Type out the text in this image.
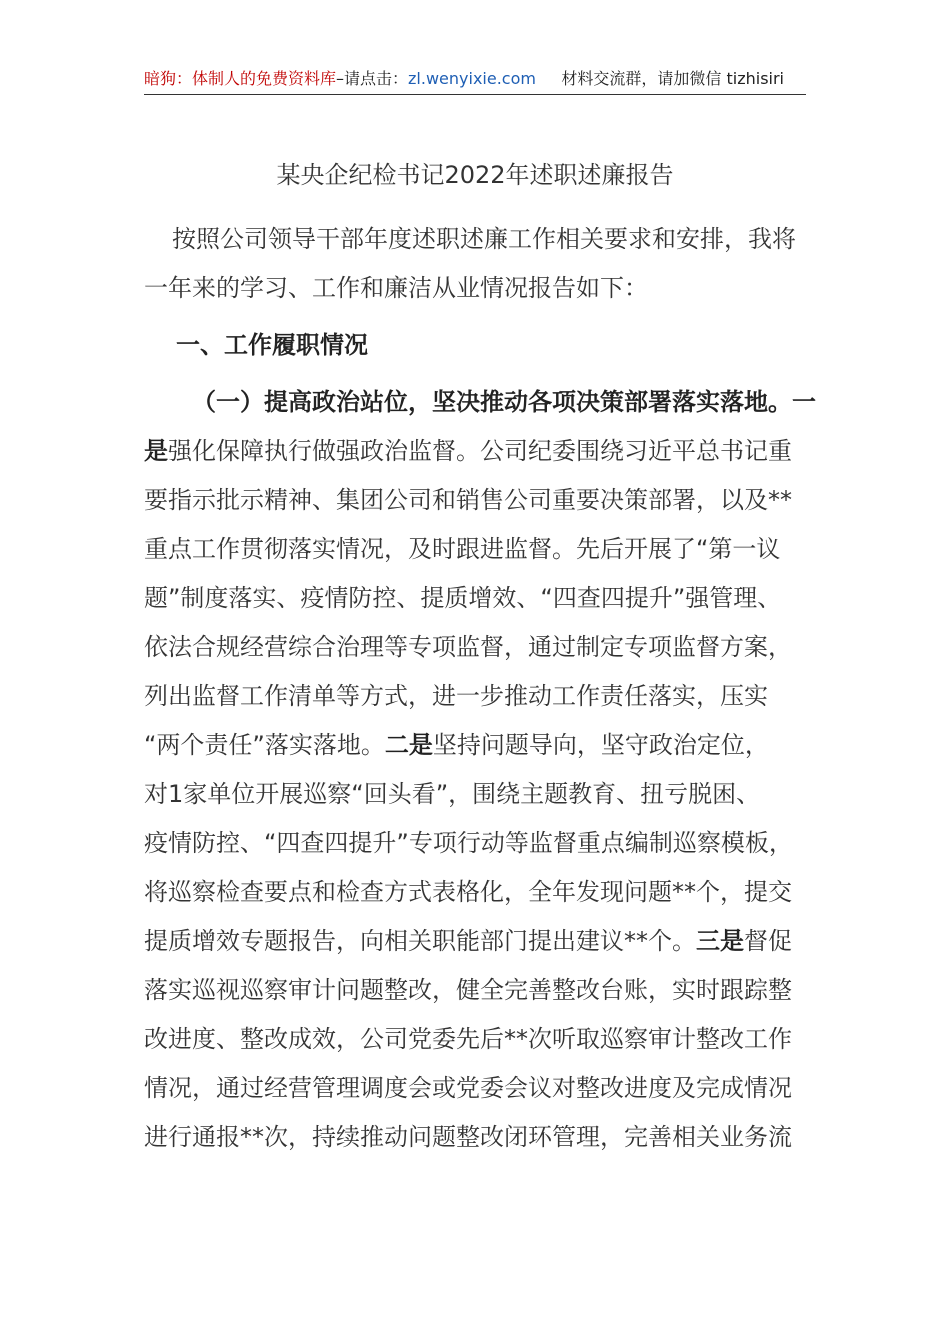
暗狗：体制人的免费资料库–请点击：zl.wenyixie.com 材料交流群，请加微信 tizhisiri
某央企纪检书记2022年述职述廉报告
按照公司领导干部年度述职述廉工作相关要求和安排，我将
一年来的学习、工作和廉洁从业情况报告如下：
一、工作履职情况
（一）提高政治站位，坚决推动各项决策部署落实落地。一
是强化保障执行做强政治监督。公司纪委围绕习近平总书记重
要指示批示精神、集团公司和销售公司重要决策部署，以及**
重点工作贯彻落实情况，及时跟进监督。先后开展了“第一议
题”制度落实、疫情防控、提质增效、“四查四提升”强管理、
依法合规经营综合治理等专项监督，通过制定专项监督方案，
列出监督工作清单等方式，进一步推动工作责任落实，压实
“两个责任”落实落地。二是坚持问题导向，坚守政治定位，
对1家单位开展巡察“回头看”，围绕主题教育、扭亏脱困、
疫情防控、“四查四提升”专项行动等监督重点编制巡察模板，
将巡察检查要点和检查方式表格化，全年发现问题**个，提交
提质增效专题报告，向相关职能部门提出建议**个。三是督促
落实巡视巡察审计问题整改，健全完善整改台账，实时跟踪整
改进度、整改成效，公司党委先后**次听取巡察审计整改工作
情况，通过经营管理调度会或党委会议对整改进度及完成情况
进行通报**次，持续推动问题整改闭环管理，完善相关业务流
